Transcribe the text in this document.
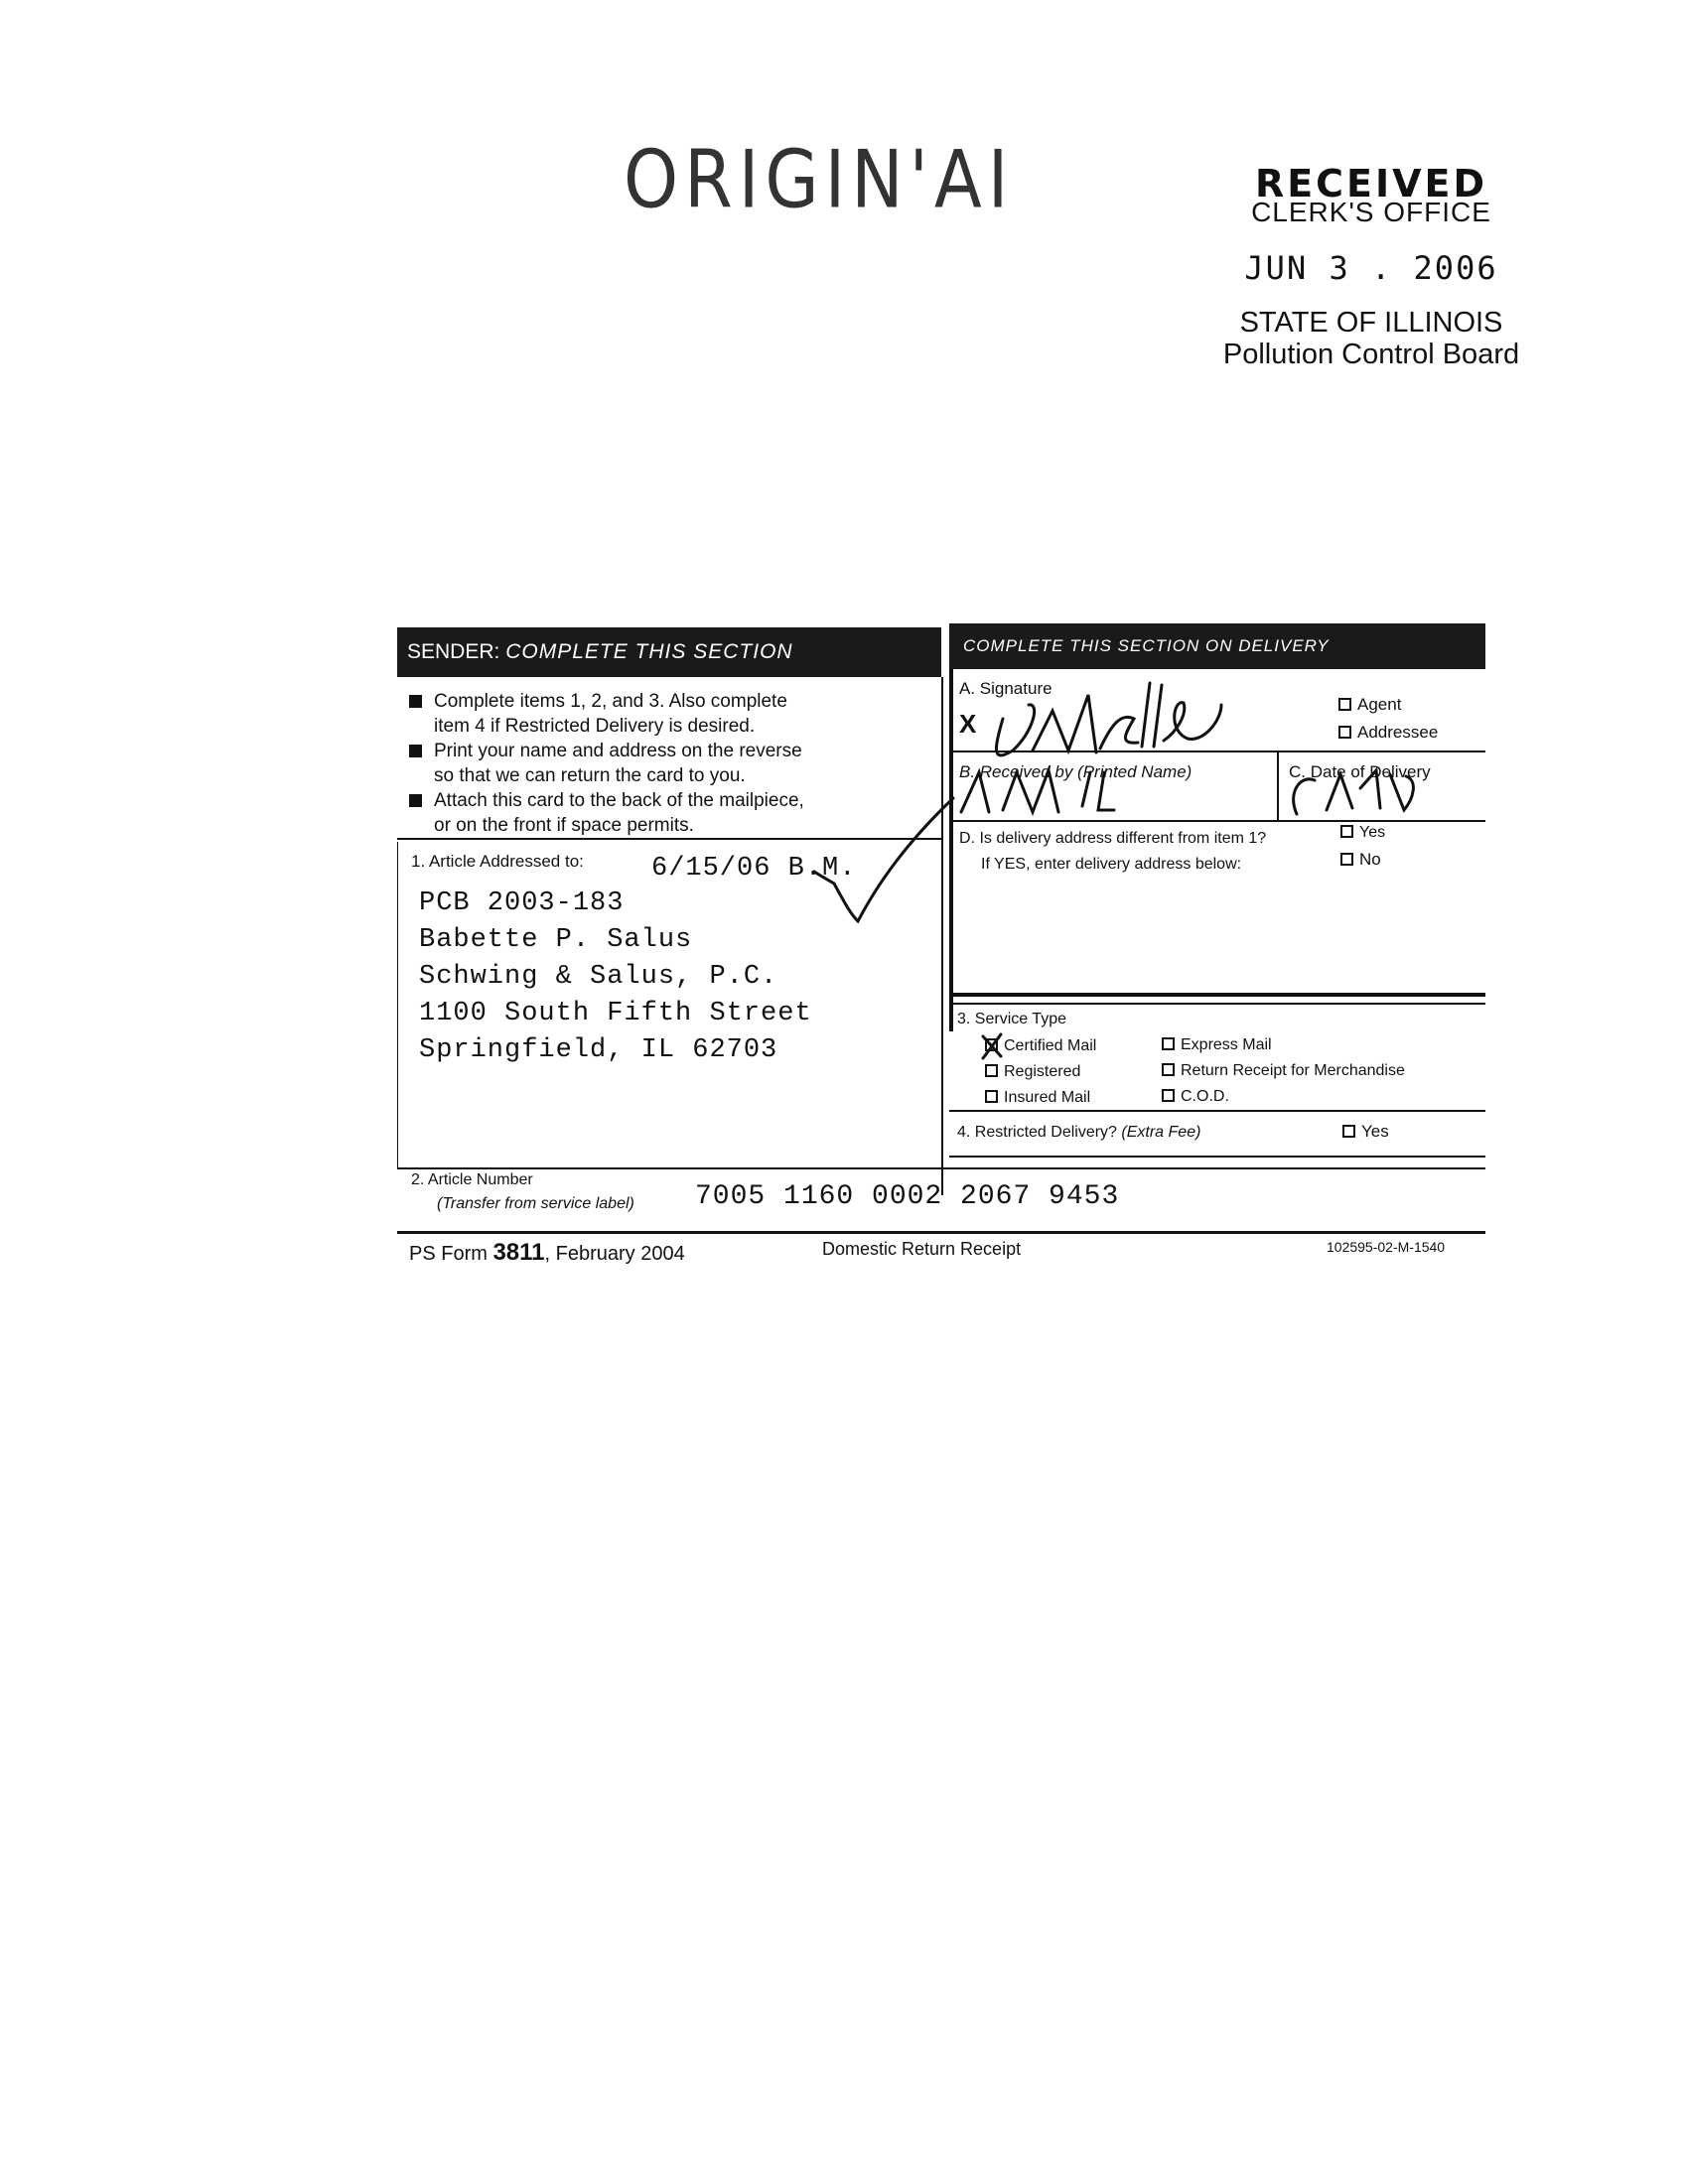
ORIGIN'AI	RECEIVED
CLERK'S OFFICE
JUN 3 . 2006
STATE OF ILLINOIS
Pollution Control Board
SENDER: COMPLETE THIS SECTION	COMPLETE THIS SECTION ON DELIVERY
Complete items 1, 2, and 3. Also complete
item 4 if Restricted Delivery is desired.
Print your name and address on the reverse
so that we can return the card to you.
Attach this card to the back of the mailpiece,
or on the front if space permits.
1. Article Addressed to:	6/15/06 B.M.
PCB 2003-183
Babette P. Salus
Schwing & Salus, P.C.
1100 South Fifth Street
Springfield, IL 62703
A. Signature
X
Agent
Addressee
B. Received by (Printed Name)	C. Date of Delivery
D. Is delivery address different from item 1?
If YES, enter delivery address below:
Yes
No
3. Service Type
Certified Mail
Registered
Insured Mail
Express Mail
Return Receipt for Merchandise
C.O.D.
4. Restricted Delivery? (Extra Fee)	Yes
2. Article Number
(Transfer from service label) 7005 1160 0002 2067 9453
PS Form 3811, February 2004	Domestic Return Receipt	102595-02-M-1540
